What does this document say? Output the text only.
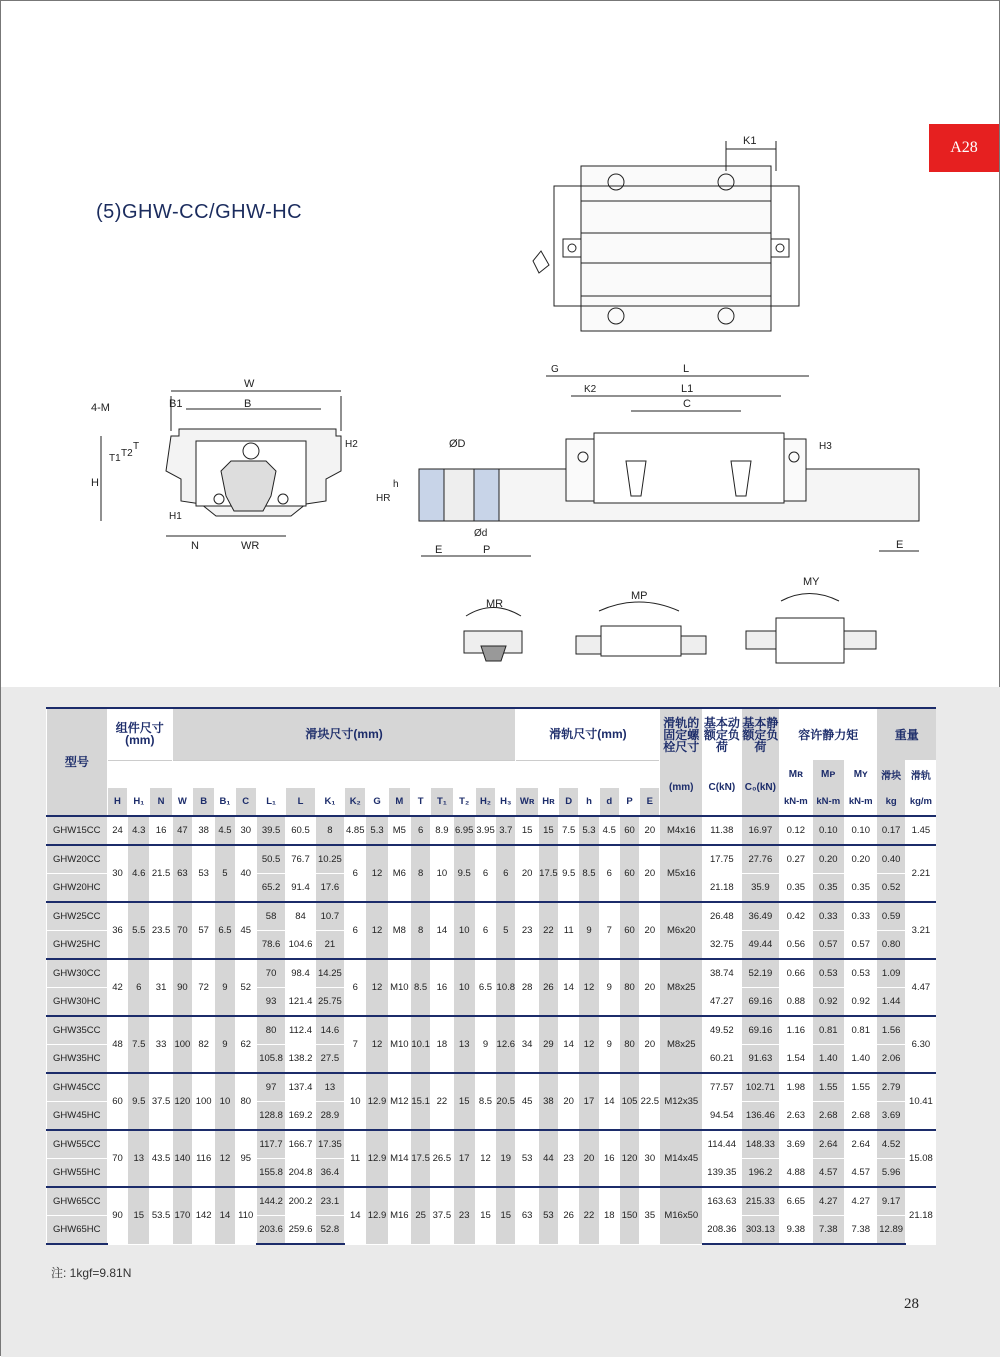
A28
(5)GHW-CC/GHW-HC
K1
W
B
B1
4-M
T
T2
T1
H2
H
H1
N	WR
L
L1
C
G
K2
H3
ØD
HR
h
Ød
E	P	E
MR
MP
MY
型号	组件尺寸(mm)			滑块尺寸(mm)															滑轨尺寸(mm)							滑轨的固定螺栓尺寸	基本动额定负荷	基本静额定负荷	容许静力矩			重量	
																										(mm)	C(kN)	C₀(kN)	Mʀ	Mᴘ	Mʏ	滑块	滑轨
	H	H₁	N	W	B	B₁	C	L₁	L	K₁	K₂	G	M	T	T₁	T₂	H₂	H₃	Wʀ	Hʀ	D	h	d	P	E				kN-m	kN-m	kN-m	kg	kg/m
GHW15CC	24	4.3	16	47	38	4.5	30	39.5	60.5	8	4.85	5.3	M5	6	8.9	6.95	3.95	3.7	15	15	7.5	5.3	4.5	60	20	M4x16	11.38	16.97	0.12	0.10	0.10	0.17	1.45
GHW20CC	30	4.6	21.5	63	53	5	40	50.5	76.7	10.25	6	12	M6	8	10	9.5	6	6	20	17.5	9.5	8.5	6	60	20	M5x16	17.75	27.76	0.27	0.20	0.20	0.40	2.21
GHW20HC								65.2	91.4	17.6																	21.18	35.9	0.35	0.35	0.35	0.52	
GHW25CC	36	5.5	23.5	70	57	6.5	45	58	84	10.7	6	12	M8	8	14	10	6	5	23	22	11	9	7	60	20	M6x20	26.48	36.49	0.42	0.33	0.33	0.59	3.21
GHW25HC								78.6	104.6	21																	32.75	49.44	0.56	0.57	0.57	0.80	
GHW30CC	42	6	31	90	72	9	52	70	98.4	14.25	6	12	M10	8.5	16	10	6.5	10.8	28	26	14	12	9	80	20	M8x25	38.74	52.19	0.66	0.53	0.53	1.09	4.47
GHW30HC								93	121.4	25.75																	47.27	69.16	0.88	0.92	0.92	1.44	
GHW35CC	48	7.5	33	100	82	9	62	80	112.4	14.6	7	12	M10	10.1	18	13	9	12.6	34	29	14	12	9	80	20	M8x25	49.52	69.16	1.16	0.81	0.81	1.56	6.30
GHW35HC								105.8	138.2	27.5																	60.21	91.63	1.54	1.40	1.40	2.06	
GHW45CC	60	9.5	37.5	120	100	10	80	97	137.4	13	10	12.9	M12	15.1	22	15	8.5	20.5	45	38	20	17	14	105	22.5	M12x35	77.57	102.71	1.98	1.55	1.55	2.79	10.41
GHW45HC								128.8	169.2	28.9																	94.54	136.46	2.63	2.68	2.68	3.69	
GHW55CC	70	13	43.5	140	116	12	95	117.7	166.7	17.35	11	12.9	M14	17.5	26.5	17	12	19	53	44	23	20	16	120	30	M14x45	114.44	148.33	3.69	2.64	2.64	4.52	15.08
GHW55HC								155.8	204.8	36.4																	139.35	196.2	4.88	4.57	4.57	5.96	
GHW65CC	90	15	53.5	170	142	14	110	144.2	200.2	23.1	14	12.9	M16	25	37.5	23	15	15	63	53	26	22	18	150	35	M16x50	163.63	215.33	6.65	4.27	4.27	9.17	21.18
GHW65HC								203.6	259.6	52.8																	208.36	303.13	9.38	7.38	7.38	12.89	
注: 1kgf=9.81N
28
